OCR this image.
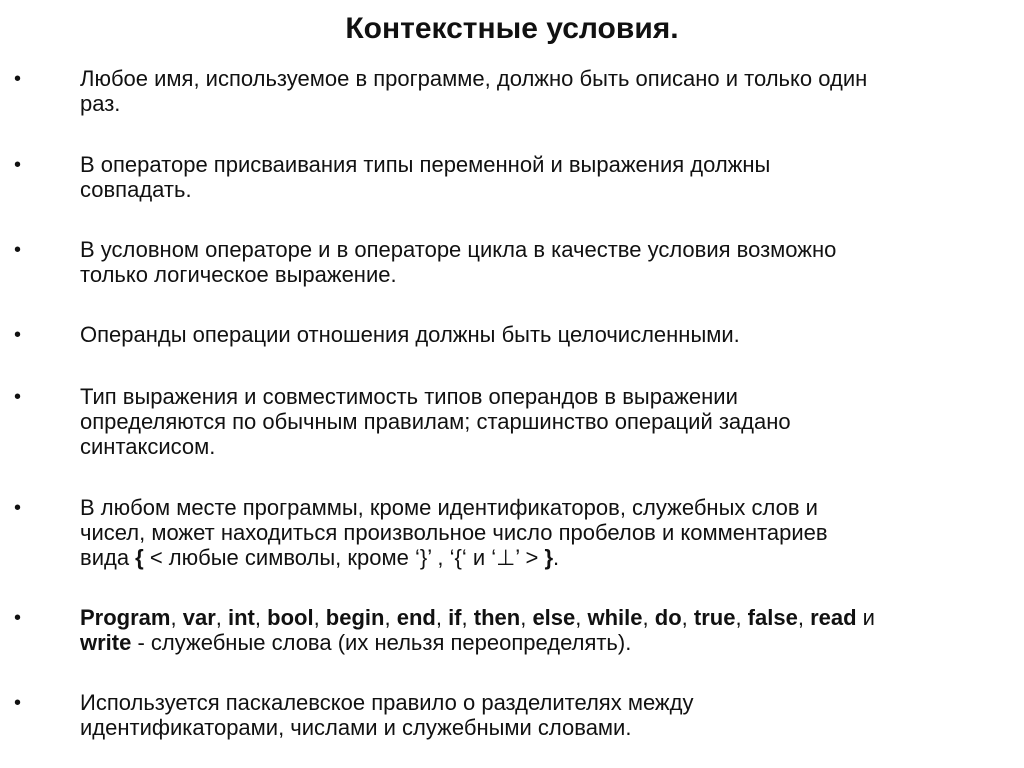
Контекстные условия.
•	Любое имя, используемое в программе, должно быть описано и только один
раз.

•	В операторе присваивания типы переменной и выражения должны
совпадать.

•	В условном операторе и в операторе цикла в качестве условия возможно
только логическое выражение.

•	Операнды операции отношения должны быть целочисленными.

•	Тип выражения и совместимость типов операндов в выражении
определяются по обычным правилам; старшинство операций задано
синтаксисом.

•	В любом месте программы, кроме идентификаторов, служебных слов и
чисел, может находиться произвольное число пробелов и комментариев
вида { < любые символы, кроме ‘}’ , ‘{‘ и ‘⊥’ > }.

•	Program, var, int, bool, begin, end, if, then, else, while, do, true, false, read и
write - служебные слова (их нельзя переопределять).

•	Используется паскалевское правило о разделителях между
идентификаторами, числами и служебными словами.
